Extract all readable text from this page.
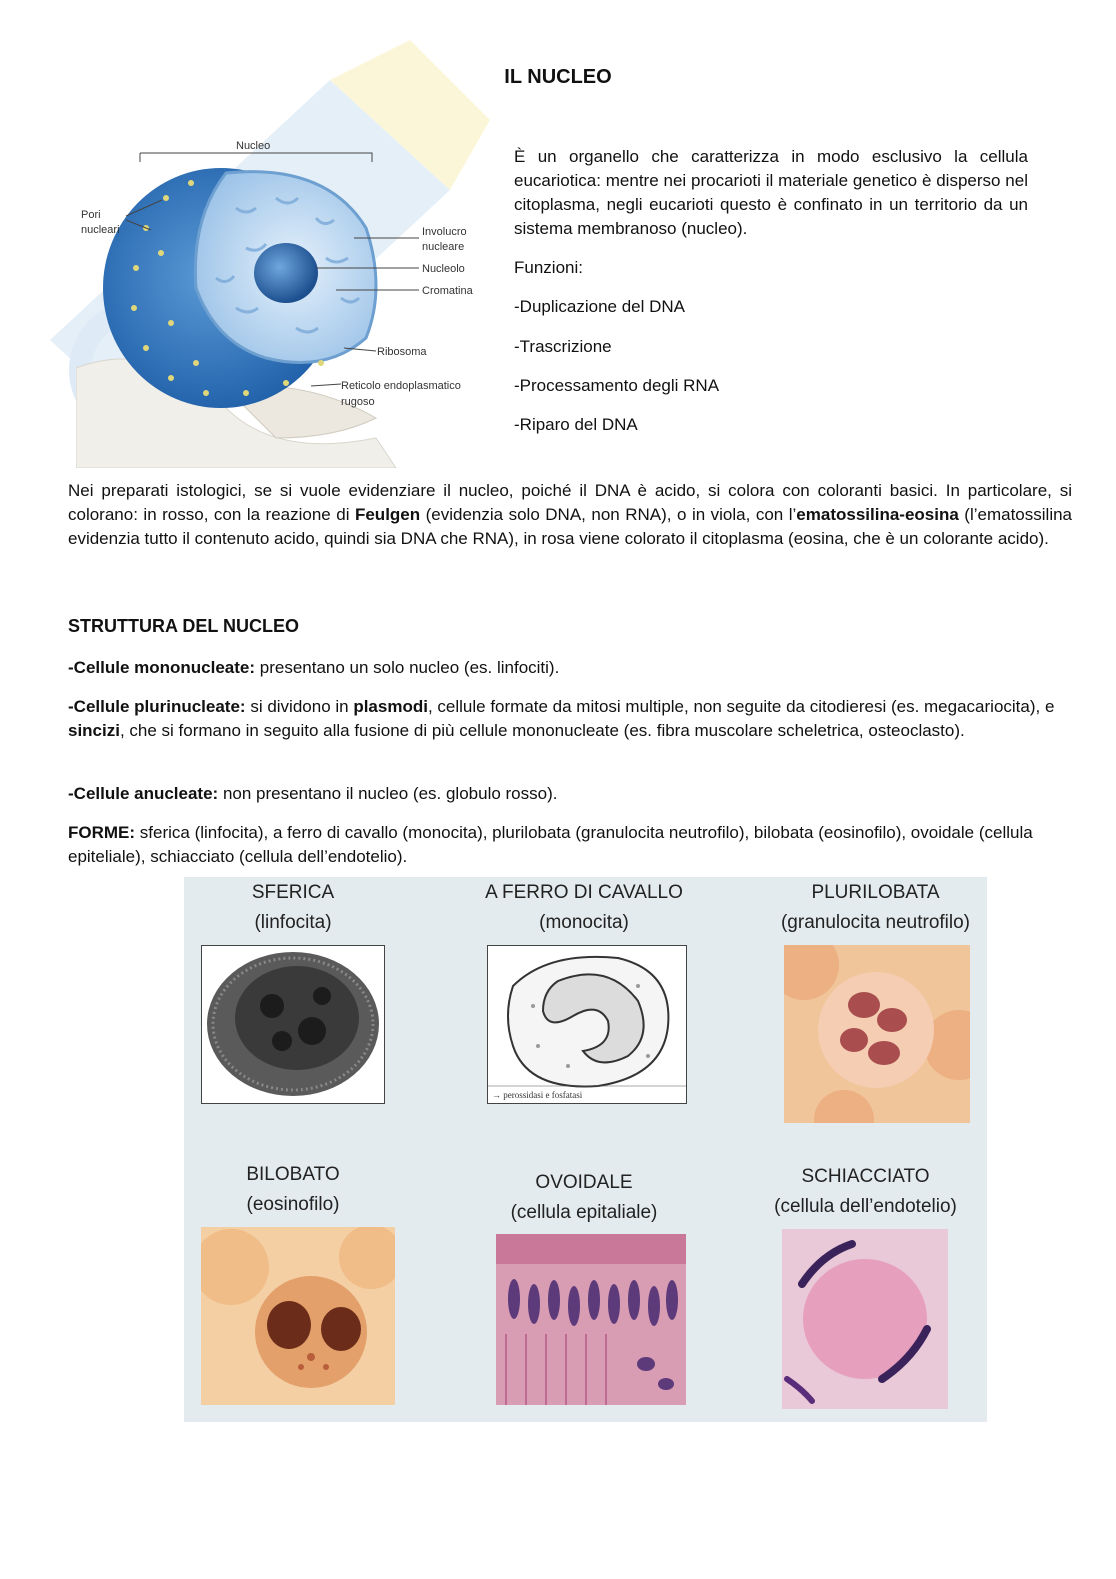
IL NUCLEO
Nucleo
Pori
nucleari	Involucro
nucleare
Nucleolo
Cromatina
Ribosoma
Reticolo endoplasmatico
rugoso

È un organello che caratterizza in modo esclusivo la cellula eucariotica: mentre nei procarioti il materiale genetico è disperso nel citoplasma, negli eucarioti questo è confinato in un territorio da un sistema membranoso (nucleo).

Funzioni:

-Duplicazione del DNA

-Trascrizione

-Processamento degli RNA

-Riparo del DNA

Nei preparati istologici, se si vuole evidenziare il nucleo, poiché il DNA è acido, si colora con coloranti basici. In particolare, si colorano: in rosso, con la reazione di Feulgen (evidenzia solo DNA, non RNA), o in viola, con l’ematossilina-eosina (l’ematossilina evidenzia tutto il contenuto acido, quindi sia DNA che RNA), in rosa viene colorato il citoplasma (eosina, che è un colorante acido).

STRUTTURA DEL NUCLEO

-Cellule mononucleate: presentano un solo nucleo (es. linfociti).

-Cellule plurinucleate: si dividono in plasmodi, cellule formate da mitosi multiple, non seguite da citodieresi (es. megacariocita), e sincizi, che si formano in seguito alla fusione di più cellule mononucleate (es. fibra muscolare scheletrica, osteoclasto).

-Cellule anucleate: non presentano il nucleo (es. globulo rosso).

FORME: sferica (linfocita), a ferro di cavallo (monocita), plurilobata (granulocita neutrofilo), bilobata (eosinofilo), ovoidale (cellula epiteliale), schiacciato (cellula dell’endotelio).

SFERICA
(linfocita)
A FERRO DI CAVALLO
(monocita)
PLURILOBATA
(granulocita neutrofilo)
→ perossidasi e fosfatasi
BILOBATO
(eosinofilo)
OVOIDALE
(cellula epitaliale)
SCHIACCIATO
(cellula dell’endotelio)
